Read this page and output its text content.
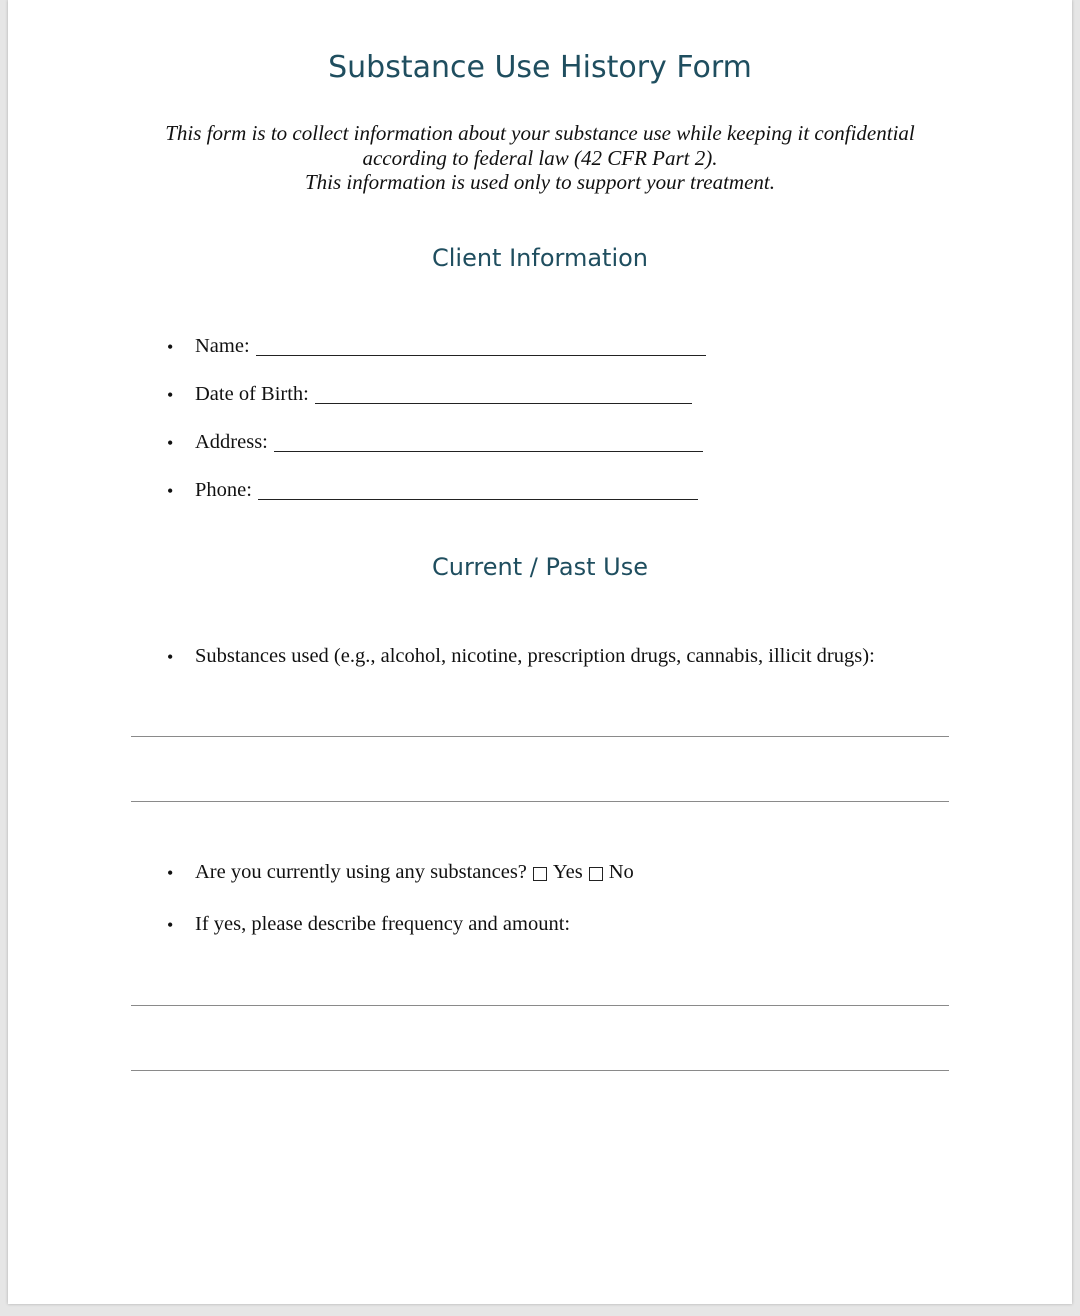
Substance Use History Form
This form is to collect information about your substance use while keeping it confidential
according to federal law (42 CFR Part 2).
This information is used only to support your treatment.
Client Information
•	Name:
•	Date of Birth:
•	Address:
•	Phone:
Current / Past Use
•	Substances used (e.g., alcohol, nicotine, prescription drugs, cannabis, illicit drugs):
•	Are you currently using any substances? Yes No
•	If yes, please describe frequency and amount:
